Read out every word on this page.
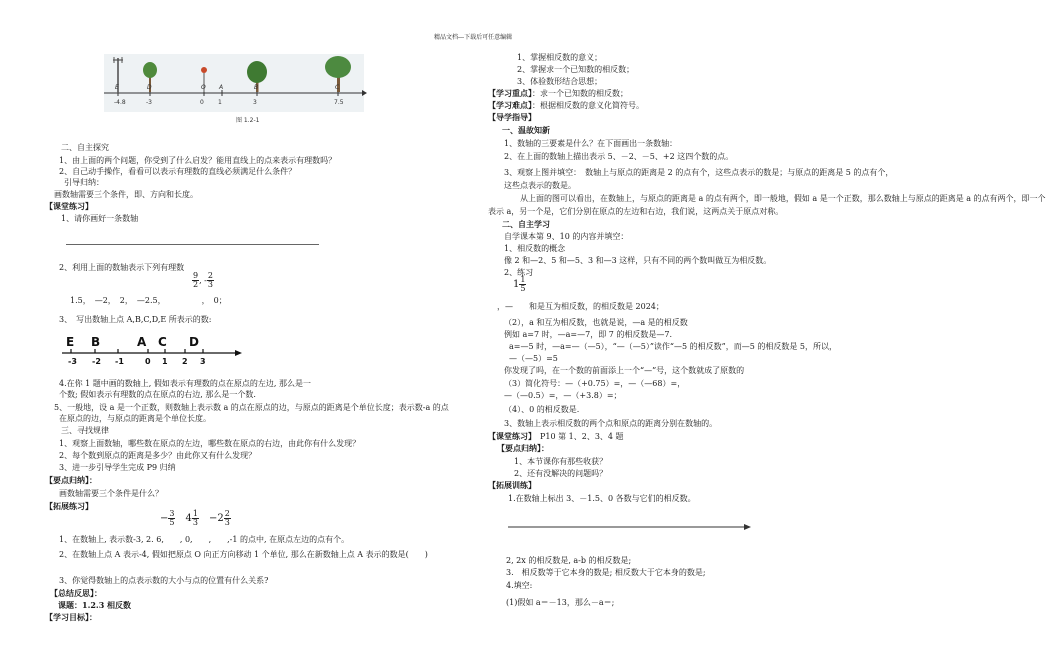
精品文档---下载后可任意编辑
E
-4.8
D
-3
O
0
A
1
B
3
C
7.5
图 1.2-1
二、自主探究
1、由上面的两个问题，你受到了什么启发？能用直线上的点来表示有理数吗？
2、自己动手操作，看看可以表示有理数的直线必须满足什么条件？
引导归纳：
画数轴需要三个条件，即、方向和长度。
【课堂练习】
1、请你画好一条数轴
2、利用上面的数轴表示下列有理数
$\frac{9}{2}$ , - $\frac{2}{3}$
1.5，　—2，　2，　—2.5，　　　　　，　0；
3、　写出数轴上点 A,B,C,D,E 所表示的数:
E B	A C D
-3 -2 -1	0 1 2 3
4.在你 1 题中画的数轴上, 假如表示有理数的点在原点的左边, 那么是一
个数; 假如表示有理数的点在原点的右边, 那么是一个数.
5、一般地，设 a 是一个正数，则数轴上表示数 a 的点在原点的边，与原点的距离是个单位长度；表示数-a 的点
在原点的边，与原点的距离是个单位长度。
三、寻找规律
1、观察上面数轴，哪些数在原点的左边，哪些数在原点的右边，由此你有什么发现？
2、每个数到原点的距离是多少？由此你又有什么发现？
3、进一步引导学生完成 P9 归纳
【要点归纳】：
画数轴需要三个条件是什么？
【拓展练习】
− $\frac{3}{5} 4 \frac{1}{3} - 2 \frac{2}{3}$
1、在数轴上, 表示数-3, 2. 6,　　, 0,　　,　　,-1 的点中, 在原点左边的点有个。
2、在数轴上点 A 表示-4, 假如把原点 O 向正方向移动 1 个单位, 那么在新数轴上点 A 表示的数是(　　)
3、你觉得数轴上的点表示数的大小与点的位置有什么关系?
【总结反思】：
课题：1.2.3 相反数
【学习目标】：
1、掌握相反数的意义；
2、掌握求一个已知数的相反数；
3、体验数形结合思想；
【学习重点】：求一个已知数的相反数；
【学习难点】：根据相反数的意义化简符号。
【导学指导】
一、温故知新
1、数轴的三要素是什么？在下面画出一条数轴：
2、在上面的数轴上描出表示 5、－2、－5、+2 这四个数的点。
3、观察上图并填空：　数轴上与原点的距离是 2 的点有个，这些点表示的数是；与原点的距离是 5 的点有个，
这些点表示的数是。
从上面的图可以看出，在数轴上，与原点的距离是 a 的点有两个，即一般地，假如 a 是一个正数，那么数轴上与原点的距离是 a 的点有两个，即一个
表示 a，另一个是，它们分别在原点的左边和右边，我们说，这两点关于原点对称。
二、自主学习
自学课本第 9、10 的内容并填空：
1、相反数的概念
像 2 和—2、5 和—5、3 和—3 这样，只有不同的两个数叫做互为相反数。
2、练习
$1 \frac{1}{5}$
，—　　和是互为相反数，的相反数是 2024；
（2），a 和互为相反数，也就是说，—a 是的相反数
例如 a=7 时，—a=—7，即 7 的相反数是—7.
a=—5 时，—a=—（—5），“—（—5）”读作“—5 的相反数”，而—5 的相反数是 5，所以，
—（—5）=5
你发现了吗，在一个数的前面添上一个“—”号，这个数就成了原数的
（3）简化符号：—（+0.75）=，—（—68）=，
—（—0.5）=，—（+3.8）=；
（4）、0 的相反数是.
3、数轴上表示相反数的两个点和原点的距离分别在数轴的。
【课堂练习】　P10 第 1、2、3、4 题
【要点归纳】：
1、本节课你有那些收获？
2、还有没解决的问题吗？
【拓展训练】
1.在数轴上标出 3、－1.5、0 各数与它们的相反数。
2, 2x 的相反数是, a-b 的相反数是;
3.　相反数等于它本身的数是; 相反数大于它本身的数是;
4.填空:
(1)假如 a＝－13，那么－a＝;
